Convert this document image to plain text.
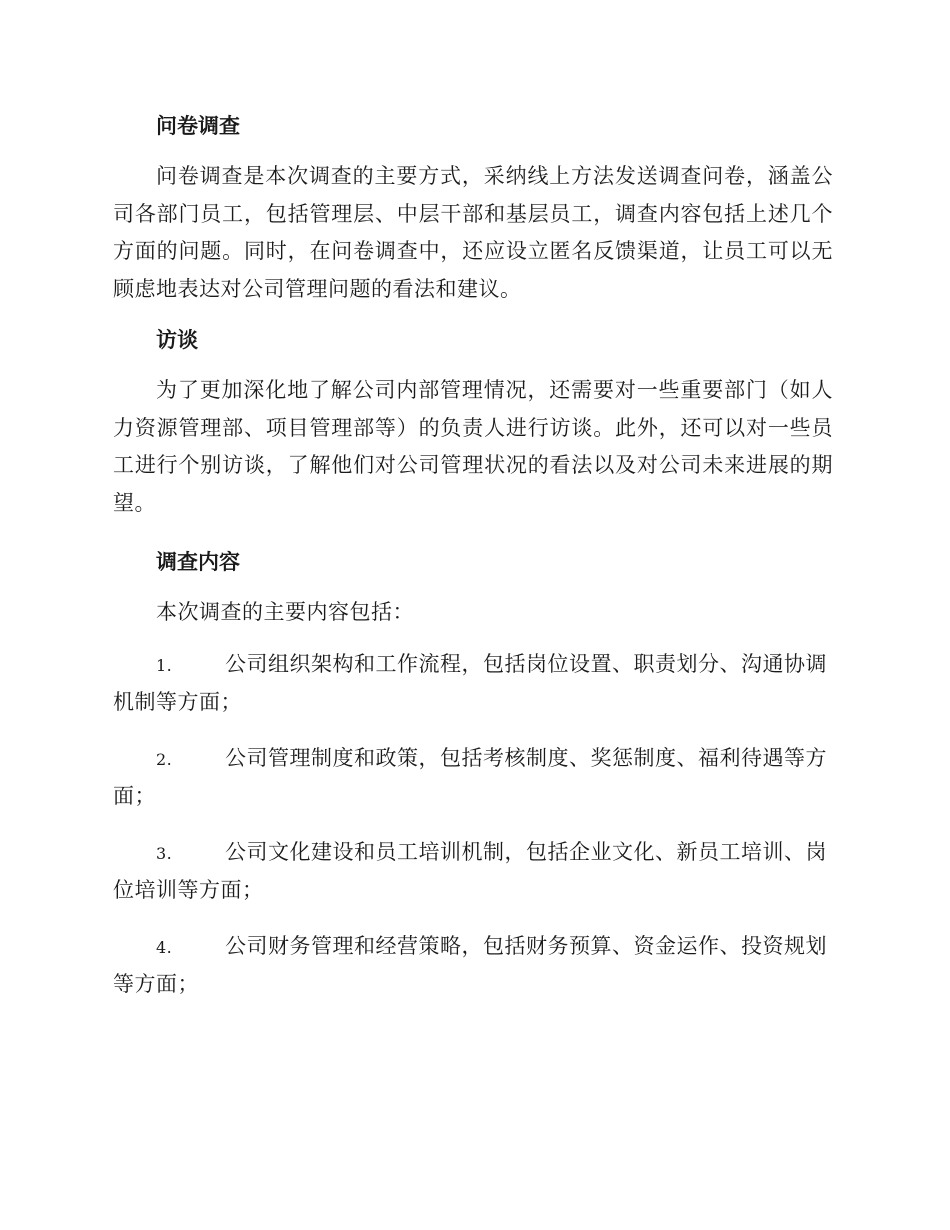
问卷调查

问卷调查是本次调查的主要方式，采纳线上方法发送调查问卷，涵盖公司各部门员工，包括管理层、中层干部和基层员工，调查内容包括上述几个方面的问题。同时，在问卷调查中，还应设立匿名反馈渠道，让员工可以无顾虑地表达对公司管理问题的看法和建议。

访谈

为了更加深化地了解公司内部管理情况，还需要对一些重要部门（如人力资源管理部、项目管理部等）的负责人进行访谈。此外，还可以对一些员工进行个别访谈，了解他们对公司管理状况的看法以及对公司未来进展的期望。

调查内容

本次调查的主要内容包括：

1.	公司组织架构和工作流程，包括岗位设置、职责划分、沟通协调机制等方面；

2.	公司管理制度和政策，包括考核制度、奖惩制度、福利待遇等方面；

3.	公司文化建设和员工培训机制，包括企业文化、新员工培训、岗位培训等方面；

4.	公司财务管理和经营策略，包括财务预算、资金运作、投资规划等方面；
